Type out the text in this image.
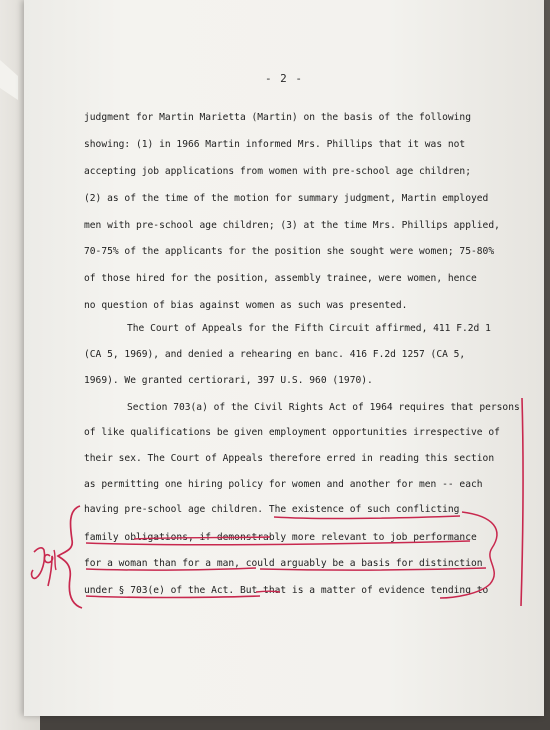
- 2 -
judgment for Martin Marietta (Martin) on the basis of the following
showing: (1) in 1966 Martin informed Mrs. Phillips that it was not
accepting job applications from women with pre-school age children;
(2) as of the time of the motion for summary judgment, Martin employed
men with pre-school age children; (3) at the time Mrs. Phillips applied,
70-75% of the applicants for the position she sought were women; 75-80%
of those hired for the position, assembly trainee, were women, hence
no question of bias against women as such was presented.
The Court of Appeals for the Fifth Circuit affirmed, 411 F.2d 1
(CA 5, 1969), and denied a rehearing en banc. 416 F.2d 1257 (CA 5,
1969). We granted certiorari, 397 U.S. 960 (1970).
Section 703(a) of the Civil Rights Act of 1964 requires that persons
of like qualifications be given employment opportunities irrespective of
their sex. The Court of Appeals therefore erred in reading this section
as permitting one hiring policy for women and another for men -- each
having pre-school age children. The existence of such conflicting
family obligations, if demonstrably more relevant to job performance
for a woman than for a man, could arguably be a basis for distinction
under § 703(e) of the Act. But that is a matter of evidence tending to
